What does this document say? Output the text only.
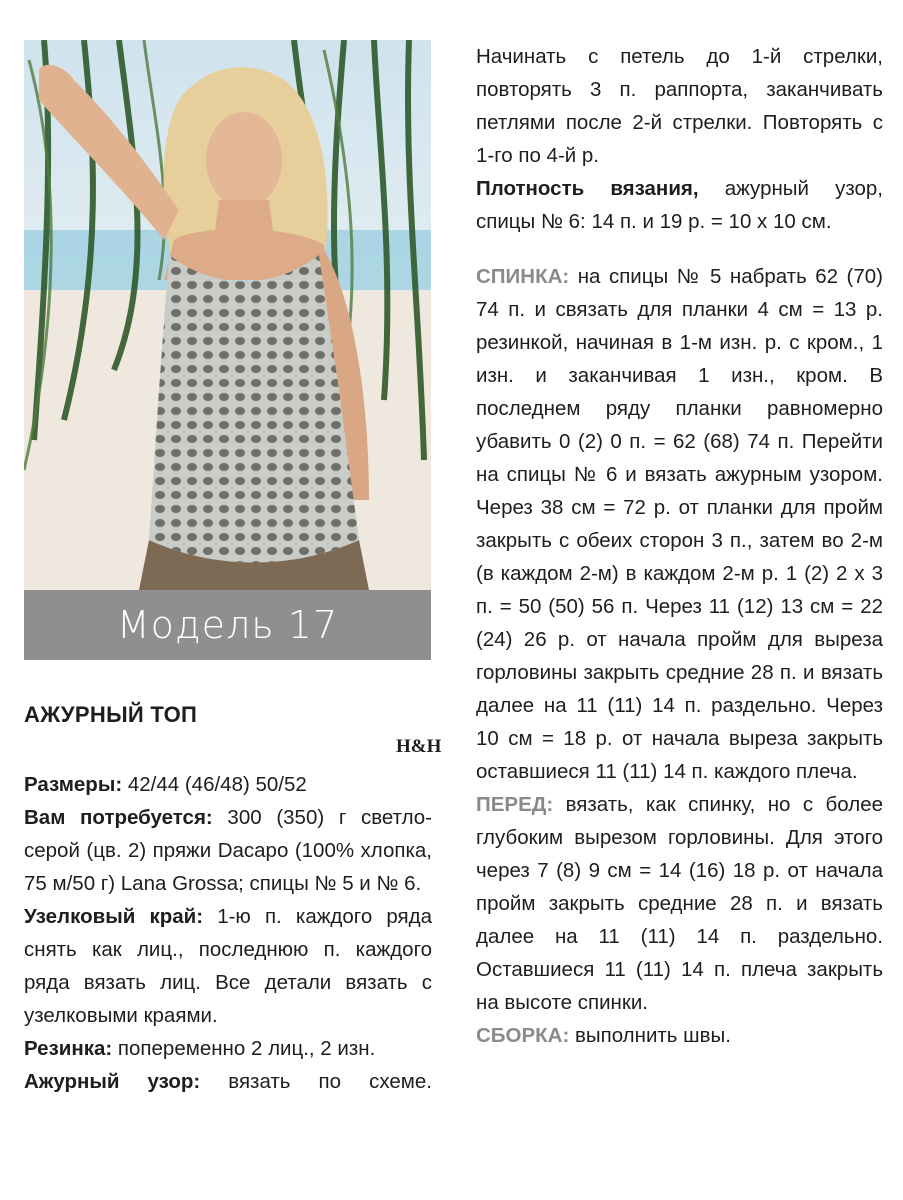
Модель 17
АЖУРНЫЙ ТОП
H&H

Размеры: 42/44 (46/48) 50/52

Вам потребуется: 300 (350) г светло-серой (цв. 2) пряжи Dacapo (100% хлопка, 75 м/50 г) Lana Grossa; спицы № 5 и № 6.

Узелковый край: 1-ю п. каждого ряда снять как лиц., последнюю п. каждого ряда вязать лиц. Все детали вязать с узелковыми краями.

Резинка: попеременно 2 лиц., 2 изн.

Ажурный узор: вязать по схеме.

Начинать с петель до 1-й стрелки, повторять 3 п. раппорта, заканчивать петлями после 2-й стрелки. Повторять с 1-го по 4-й р.

Плотность вязания, ажурный узор, спицы № 6: 14 п. и 19 р. = 10 х 10 см.

СПИНКА: на спицы № 5 набрать 62 (70) 74 п. и связать для планки 4 см = 13 р. резинкой, начиная в 1-м изн. р. с кром., 1 изн. и заканчивая 1 изн., кром. В последнем ряду планки равномерно убавить 0 (2) 0 п. = 62 (68) 74 п. Перейти на спицы № 6 и вязать ажурным узором. Через 38 см = 72 р. от планки для пройм закрыть с обеих сторон 3 п., затем во 2-м (в каждом 2-м) в каждом 2-м р. 1 (2) 2 х 3 п. = 50 (50) 56 п. Через 11 (12) 13 см = 22 (24) 26 р. от начала пройм для выреза горловины закрыть средние 28 п. и вязать далее на 11 (11) 14 п. раздельно. Через 10 см = 18 р. от начала выреза закрыть оставшиеся 11 (11) 14 п. каждого плеча.

ПЕРЕД: вязать, как спинку, но с более глубоким вырезом горловины. Для этого через 7 (8) 9 см = 14 (16) 18 р. от начала пройм закрыть средние 28 п. и вязать далее на 11 (11) 14 п. раздельно. Оставшиеся 11 (11) 14 п. плеча закрыть на высоте спинки.

СБОРКА: выполнить швы.
